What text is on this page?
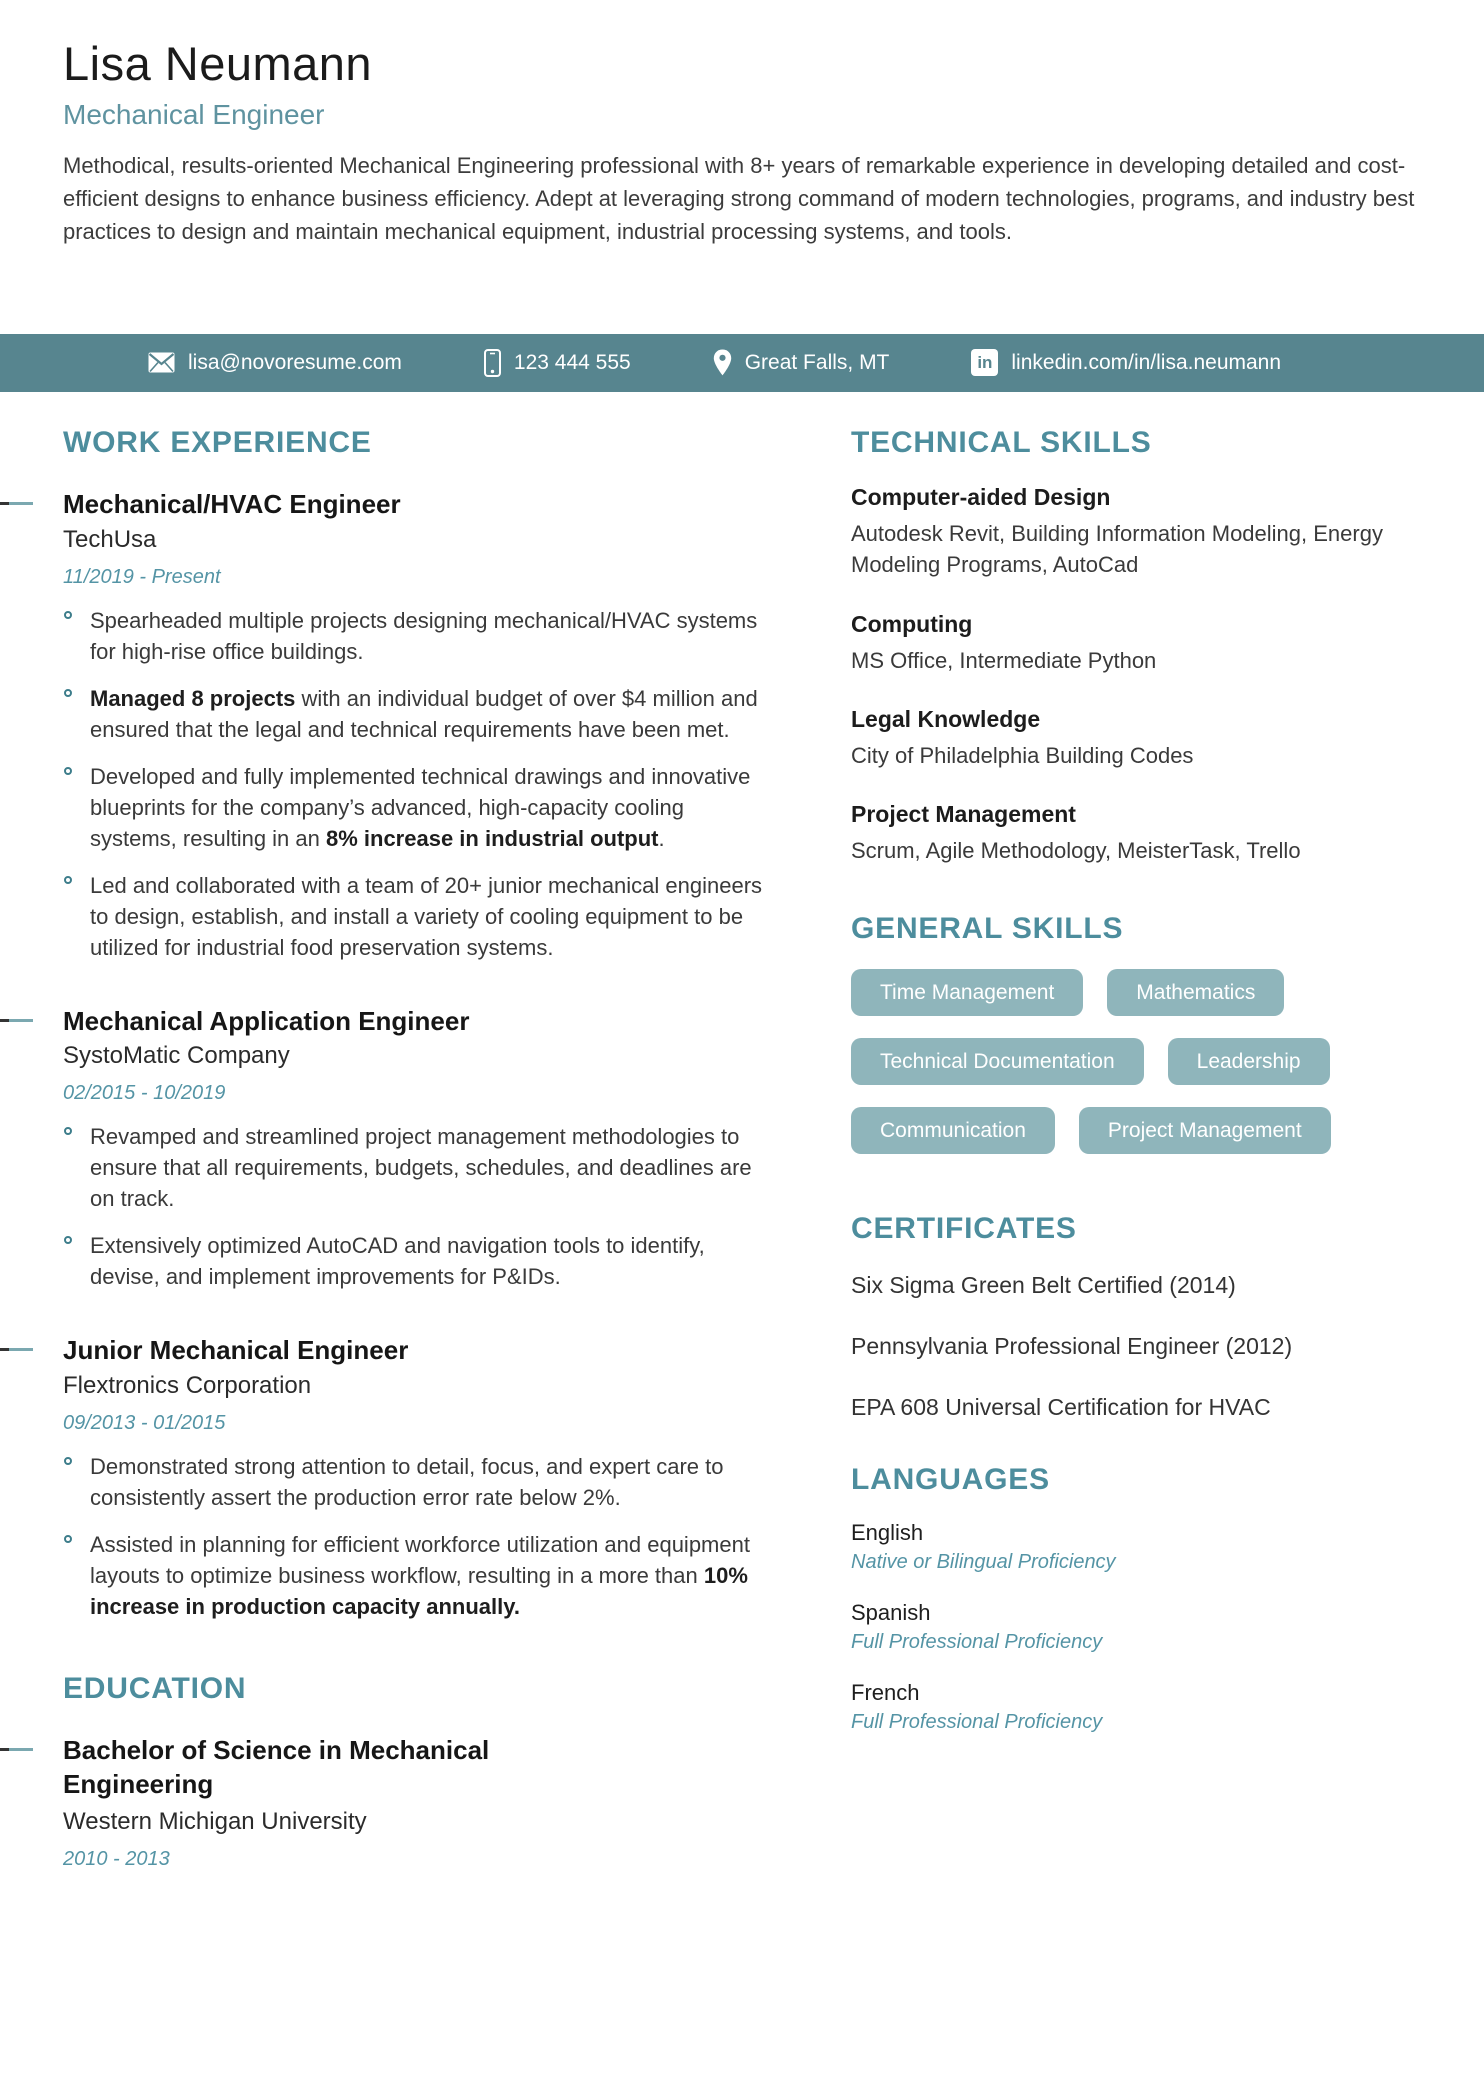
Lisa Neumann
Mechanical Engineer

Methodical, results-oriented Mechanical Engineering professional with 8+ years of remarkable experience in developing detailed and cost-efficient designs to enhance business efficiency. Adept at leveraging strong command of modern technologies, programs, and industry best practices to design and maintain mechanical equipment, industrial processing systems, and tools.

lisa@novoresume.com	123 444 555	Great Falls, MT	in linkedin.com/in/lisa.neumann
WORK EXPERIENCE
Mechanical/HVAC Engineer
TechUsa
11/2019 - Present
Spearheaded multiple projects designing mechanical/HVAC systems for high-rise office buildings.
Managed 8 projects with an individual budget of over $4 million and ensured that the legal and technical requirements have been met.
Developed and fully implemented technical drawings and innovative blueprints for the company’s advanced, high-capacity cooling systems, resulting in an 8% increase in industrial output.
Led and collaborated with a team of 20+ junior mechanical engineers to design, establish, and install a variety of cooling equipment to be utilized for industrial food preservation systems.
Mechanical Application Engineer
SystoMatic Company
02/2015 - 10/2019
Revamped and streamlined project management methodologies to ensure that all requirements, budgets, schedules, and deadlines are on track.
Extensively optimized AutoCAD and navigation tools to identify, devise, and implement improvements for P&IDs.
Junior Mechanical Engineer
Flextronics Corporation
09/2013 - 01/2015
Demonstrated strong attention to detail, focus, and expert care to consistently assert the production error rate below 2%.
Assisted in planning for efficient workforce utilization and equipment layouts to optimize business workflow, resulting in a more than 10% increase in production capacity annually.
EDUCATION
Bachelor of Science in Mechanical Engineering
Western Michigan University
2010 - 2013
TECHNICAL SKILLS
Computer-aided Design
Autodesk Revit, Building Information Modeling, Energy Modeling Programs, AutoCad
Computing
MS Office, Intermediate Python
Legal Knowledge
City of Philadelphia Building Codes
Project Management
Scrum, Agile Methodology, MeisterTask, Trello
GENERAL SKILLS
Time Management	Mathematics
Technical Documentation	Leadership
Communication	Project Management
CERTIFICATES
Six Sigma Green Belt Certified (2014)
Pennsylvania Professional Engineer (2012)
EPA 608 Universal Certification for HVAC
LANGUAGES
English
Native or Bilingual Proficiency
Spanish
Full Professional Proficiency
French
Full Professional Proficiency
